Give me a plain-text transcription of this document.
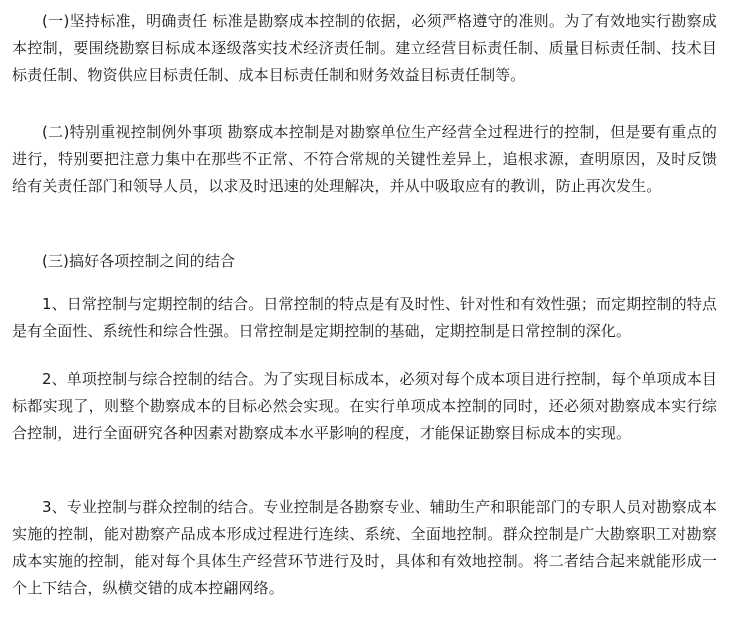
(一)坚持标准，明确责任 标准是勘察成本控制的依据，必须严格遵守的准则。为了有效地实行勘察成本控制，要围绕勘察目标成本逐级落实技术经济责任制。建立经营目标责任制、质量目标责任制、技术目标责任制、物资供应目标责任制、成本目标责任制和财务效益目标责任制等。

(二)特别重视控制例外事项 勘察成本控制是对勘察单位生产经营全过程进行的控制，但是要有重点的进行，特别要把注意力集中在那些不正常、不符合常规的关键性差异上，追根求源，查明原因，及时反馈给有关责任部门和领导人员，以求及时迅速的处理解决，并从中吸取应有的教训，防止再次发生。

(三)搞好各项控制之间的结合

1、日常控制与定期控制的结合。日常控制的特点是有及时性、针对性和有效性强；而定期控制的特点是有全面性、系统性和综合性强。日常控制是定期控制的基础，定期控制是日常控制的深化。

2、单项控制与综合控制的结合。为了实现目标成本，必须对每个成本项目进行控制，每个单项成本目标都实现了，则整个勘察成本的目标必然会实现。在实行单项成本控制的同时，还必须对勘察成本实行综合控制，进行全面研究各种因素对勘察成本水平影响的程度，才能保证勘察目标成本的实现。

3、专业控制与群众控制的结合。专业控制是各勘察专业、辅助生产和职能部门的专职人员对勘察成本实施的控制，能对勘察产品成本形成过程进行连续、系统、全面地控制。群众控制是广大勘察职工对勘察成本实施的控制，能对每个具体生产经营环节进行及时，具体和有效地控制。将二者结合起来就能形成一个上下结合，纵横交错的成本控翩网络。
